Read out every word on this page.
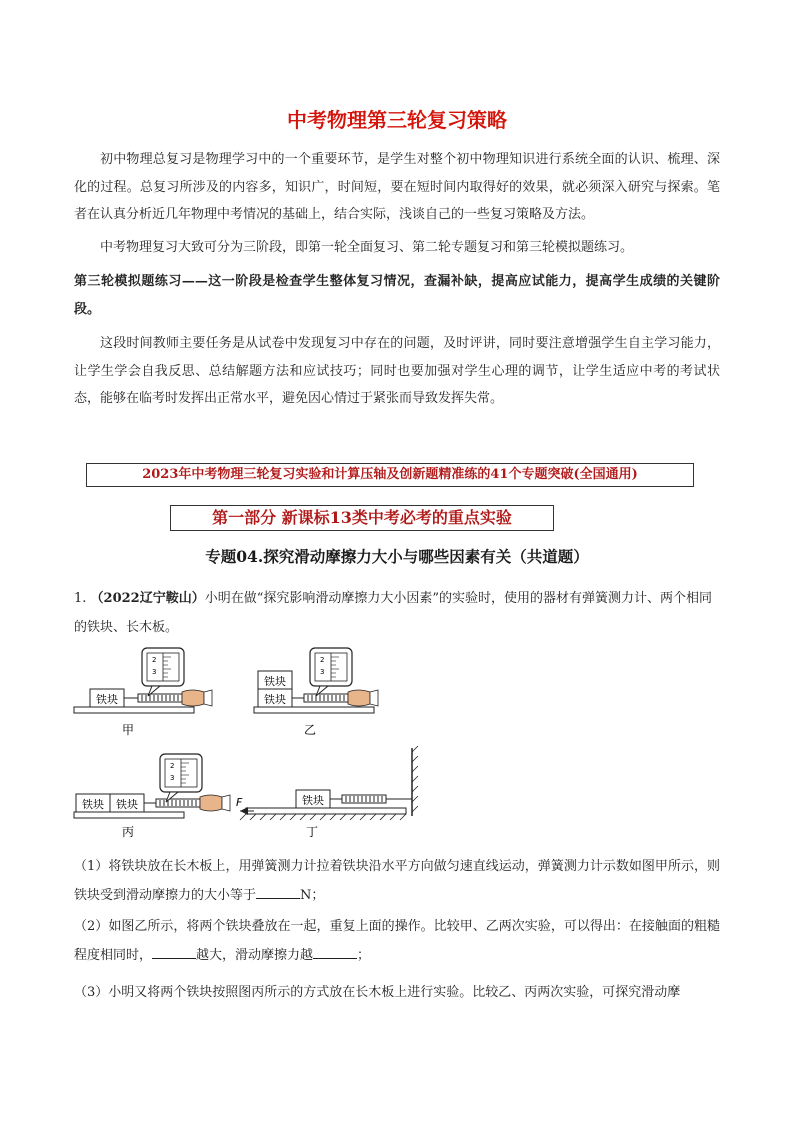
中考物理第三轮复习策略

初中物理总复习是物理学习中的一个重要环节，是学生对整个初中物理知识进行系统全面的认识、梳理、深化的过程。总复习所涉及的内容多，知识广，时间短，要在短时间内取得好的效果，就必须深入研究与探索。笔者在认真分析近几年物理中考情况的基础上，结合实际，浅谈自己的一些复习策略及方法。

中考物理复习大致可分为三阶段，即第一轮全面复习、第二轮专题复习和第三轮模拟题练习。

第三轮模拟题练习——这一阶段是检查学生整体复习情况，查漏补缺，提高应试能力，提高学生成绩的关键阶段。

这段时间教师主要任务是从试卷中发现复习中存在的问题，及时评讲，同时要注意增强学生自主学习能力，让学生学会自我反思、总结解题方法和应试技巧；同时也要加强对学生心理的调节，让学生适应中考的考试状态，能够在临考时发挥出正常水平，避免因心情过于紧张而导致发挥失常。

2023年中考物理三轮复习实验和计算压轴及创新题精准练的41个专题突破(全国通用)
第一部分 新课标13类中考必考的重点实验
专题04.探究滑动摩擦力大小与哪些因素有关（共道题）

1. （2022辽宁鞍山）小明在做“探究影响滑动摩擦力大小因素”的实验时，使用的器材有弹簧测力计、两个相同的铁块、长木板。

铁块
2
3
甲
铁块
铁块
2
3
乙
铁块 铁块
2
3
丙
铁块
F
丁

（1）将铁块放在长木板上，用弹簧测力计拉着铁块沿水平方向做匀速直线运动，弹簧测力计示数如图甲所示，则铁块受到滑动摩擦力的大小等于	N；

（2）如图乙所示，将两个铁块叠放在一起，重复上面的操作。比较甲、乙两次实验，可以得出：在接触面的粗糙程度相同时，	越大，滑动摩擦力越	；

（3）小明又将两个铁块按照图丙所示的方式放在长木板上进行实验。比较乙、丙两次实验，可探究滑动摩
